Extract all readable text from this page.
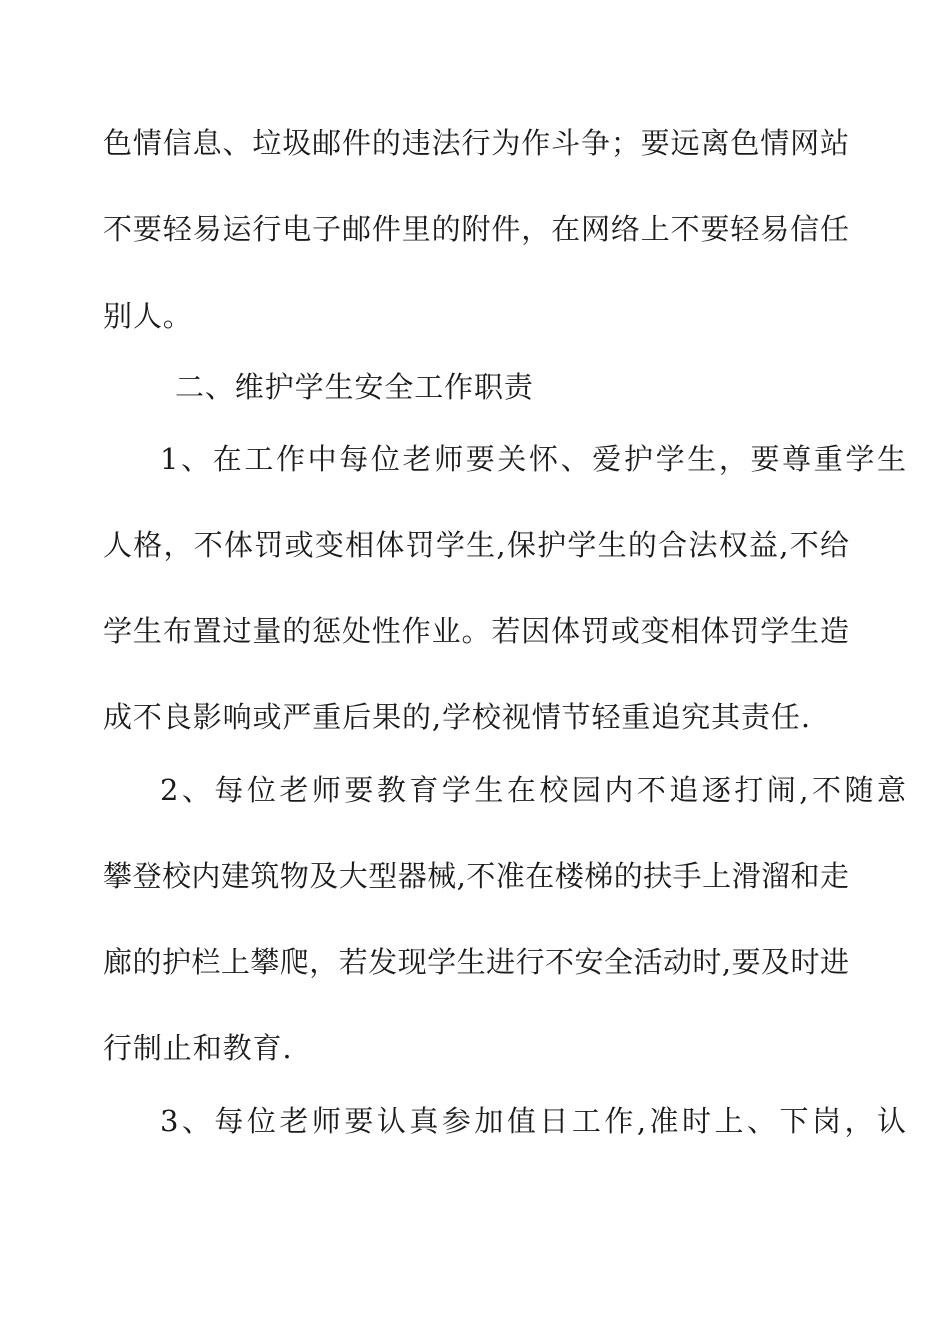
色情信息、垃圾邮件的违法行为作斗争；要远离色情网站
不要轻易运行电子邮件里的附件，在网络上不要轻易信任
别人。
二、维护学生安全工作职责
1、在工作中每位老师要关怀、爱护学生，要尊重学生
人格，不体罚或变相体罚学生,保护学生的合法权益,不给
学生布置过量的惩处性作业。若因体罚或变相体罚学生造
成不良影响或严重后果的,学校视情节轻重追究其责任.
2、每位老师要教育学生在校园内不追逐打闹,不随意
攀登校内建筑物及大型器械,不准在楼梯的扶手上滑溜和走
廊的护栏上攀爬，若发现学生进行不安全活动时,要及时进
行制止和教育.
3、每位老师要认真参加值日工作,准时上、下岗，认
